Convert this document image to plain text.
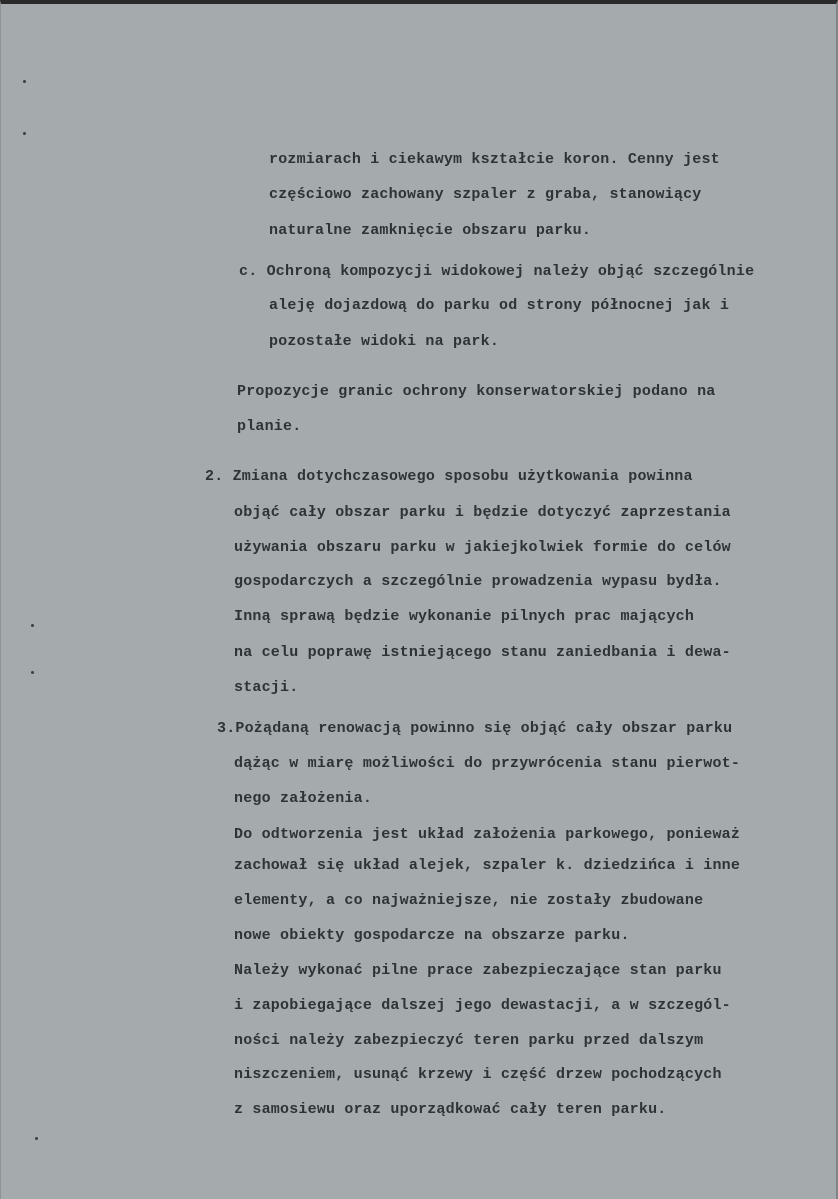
rozmiarach i ciekawym kształcie koron. Cenny jest
częściowo zachowany szpaler z graba, stanowiący
naturalne zamknięcie obszaru parku.
c. Ochroną kompozycji widokowej należy objąć szczególnie
aleję dojazdową do parku od strony północnej jak i
pozostałe widoki na park.
Propozycje granic ochrony konserwatorskiej podano na
planie.
2. Zmiana dotychczasowego sposobu użytkowania powinna
objąć cały obszar parku i będzie dotyczyć zaprzestania
używania obszaru parku w jakiejkolwiek formie do celów
gospodarczych a szczególnie prowadzenia wypasu bydła.
Inną sprawą będzie wykonanie pilnych prac mających
na celu poprawę istniejącego stanu zaniedbania i dewa-
stacji.
3.Pożądaną renowacją powinno się objąć cały obszar parku
dążąc w miarę możliwości do przywrócenia stanu pierwot-
nego założenia.
Do odtworzenia jest układ założenia parkowego, ponieważ
zachował się układ alejek, szpaler k. dziedzińca i inne
elementy, a co najważniejsze, nie zostały zbudowane
nowe obiekty gospodarcze na obszarze parku.
Należy wykonać pilne prace zabezpieczające stan parku
i zapobiegające dalszej jego dewastacji, a w szczegól-
ności należy zabezpieczyć teren parku przed dalszym
niszczeniem, usunąć krzewy i część drzew pochodzących
z samosiewu oraz uporządkować cały teren parku.
